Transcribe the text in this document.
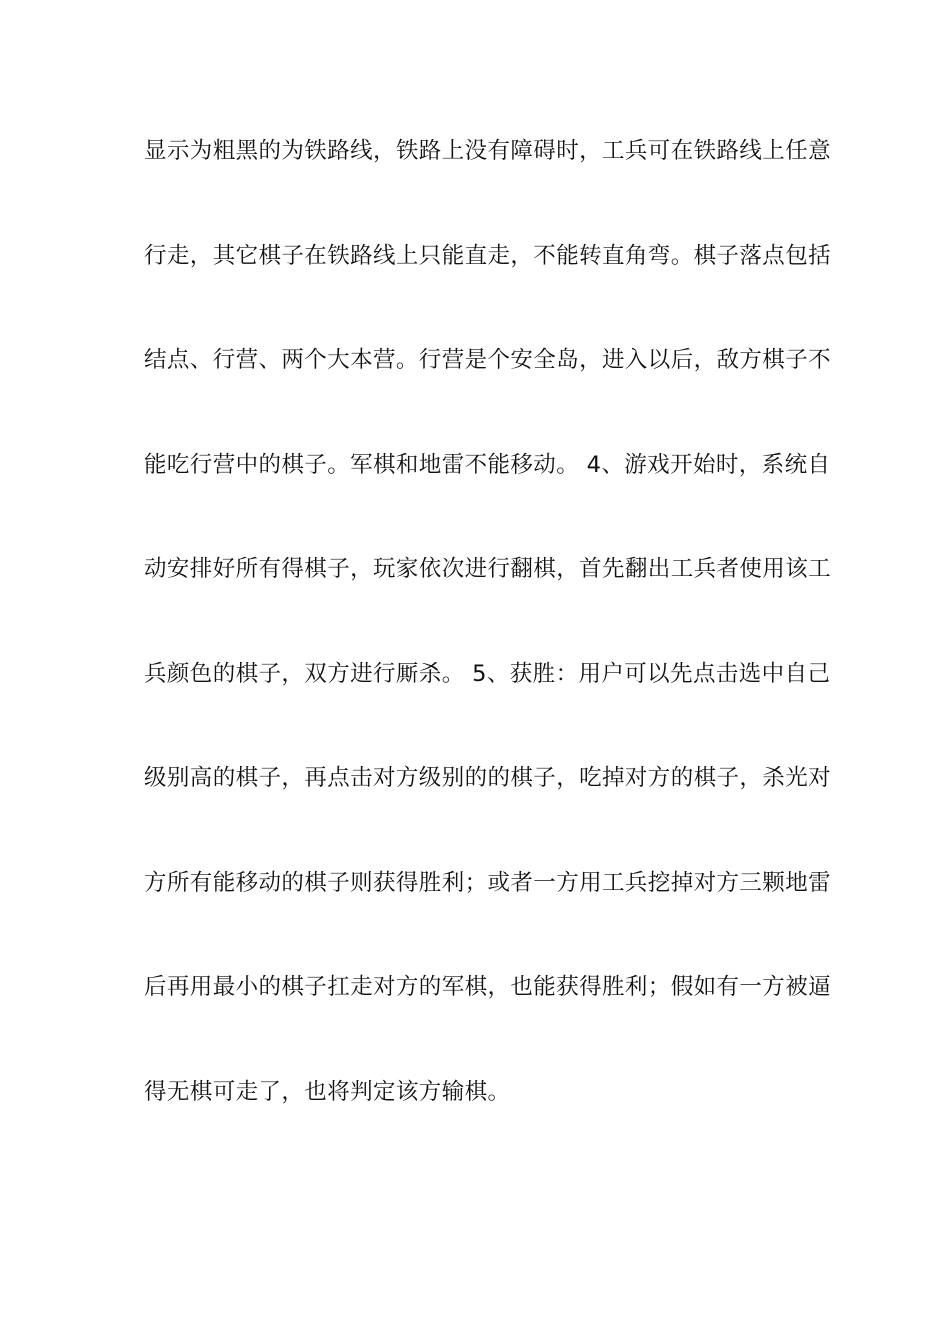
显示为粗黑的为铁路线，铁路上没有障碍时，工兵可在铁路线上任意
行走，其它棋子在铁路线上只能直走，不能转直角弯。棋子落点包括
结点、行营、两个大本营。行营是个安全岛，进入以后，敌方棋子不
能吃行营中的棋子。军棋和地雷不能移动。 4、游戏开始时，系统自
动安排好所有得棋子，玩家依次进行翻棋，首先翻出工兵者使用该工
兵颜色的棋子，双方进行厮杀。 5、获胜：用户可以先点击选中自己
级别高的棋子，再点击对方级别的的棋子，吃掉对方的棋子，杀光对
方所有能移动的棋子则获得胜利；或者一方用工兵挖掉对方三颗地雷
后再用最小的棋子扛走对方的军棋，也能获得胜利；假如有一方被逼
得无棋可走了，也将判定该方输棋。
